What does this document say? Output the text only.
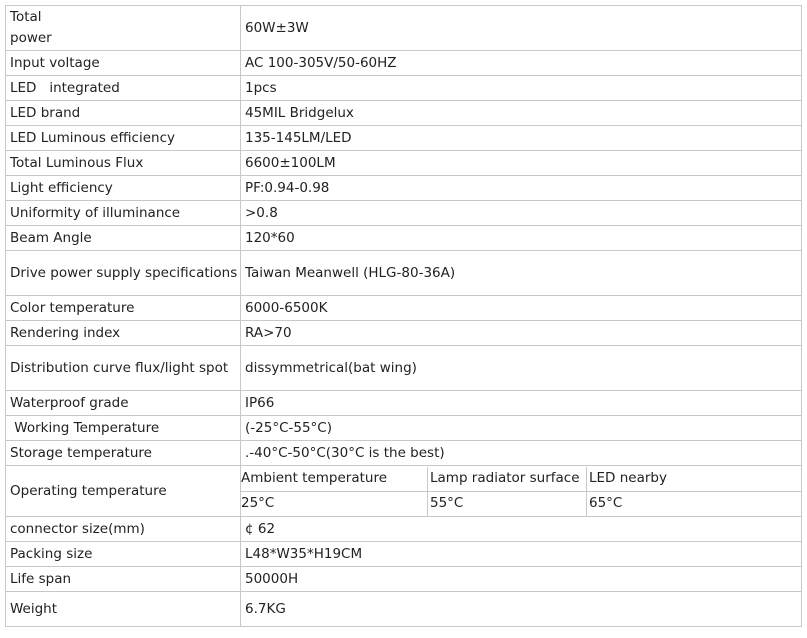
Total
power
	60W±3W
Input voltage	AC 100-305V/50-60HZ
LED   integrated	1pcs
LED brand	45MIL Bridgelux
LED Luminous efficiency	135-145LM/LED
Total Luminous Flux	6600±100LM
Light efficiency	PF:0.94-0.98
Uniformity of illuminance	>0.8
Beam Angle	120*60
Drive power supply specifications	Taiwan Meanwell (HLG-80-36A)
Color temperature	6000-6500K
Rendering index	RA>70
Distribution curve flux/light spot	dissymmetrical(bat wing)
Waterproof grade	IP66
Working Temperature	(-25°C-55°C)
Storage temperature	.-40°C-50°C(30°C is the best)
Operating temperature	
Ambient temperature	Lamp radiator surface	LED nearby
25°C	55°C	65°C

connector size(mm)	¢ 62
Packing size	L48*W35*H19CM
Life span	50000H
Weight	6.7KG
